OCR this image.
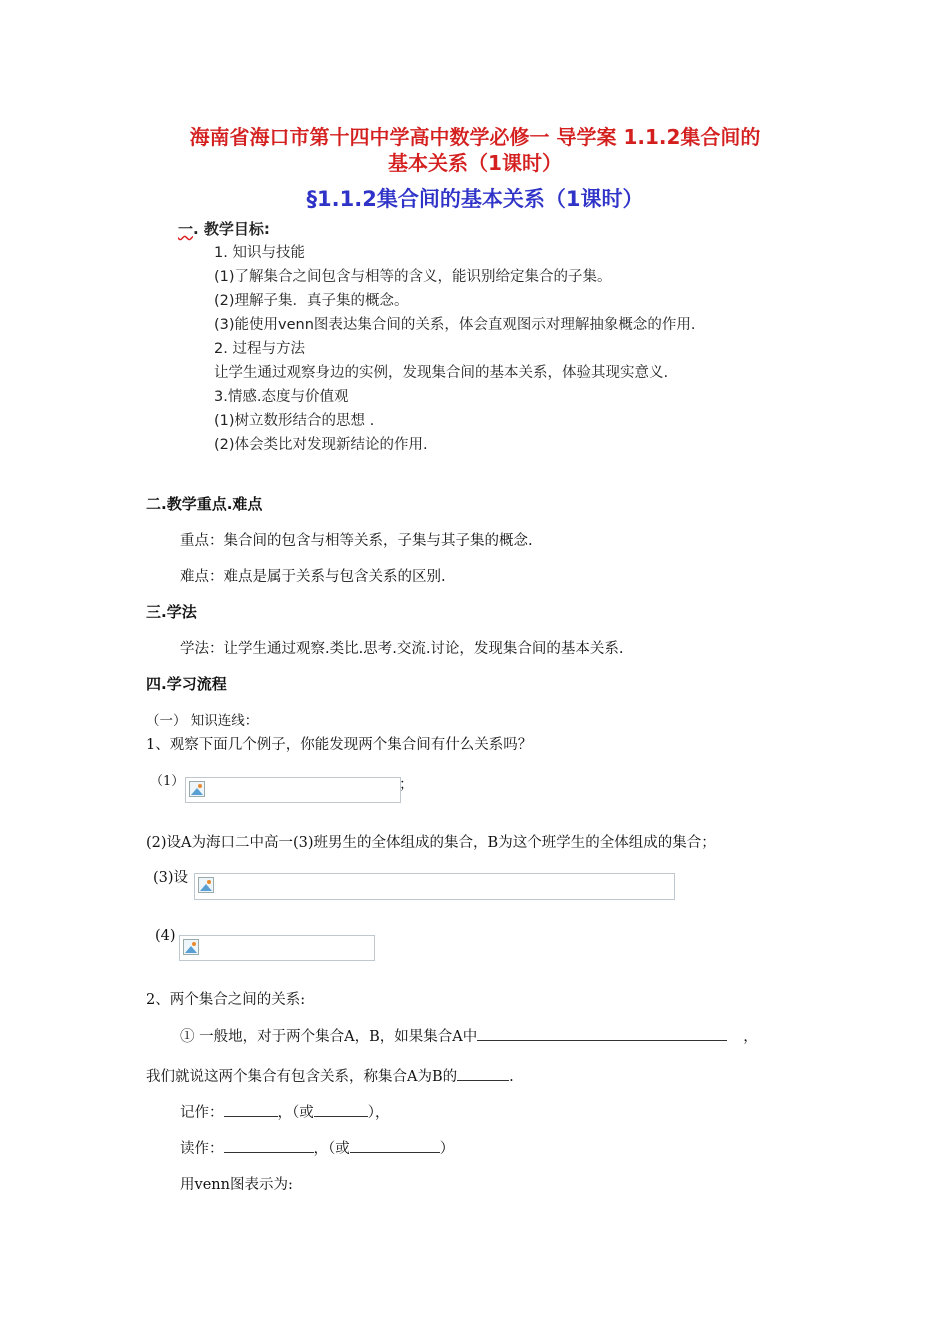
海南省海口市第十四中学高中数学必修一 导学案 1.1.2集合间的
基本关系（1课时）
§1.1.2集合间的基本关系（1课时）
一. 教学目标:
1. 知识与技能
(1)了解集合之间包含与相等的含义，能识别给定集合的子集。
(2)理解子集．真子集的概念。
(3)能使用venn图表达集合间的关系，体会直观图示对理解抽象概念的作用.
2. 过程与方法
让学生通过观察身边的实例，发现集合间的基本关系，体验其现实意义.
3.情感.态度与价值观
(1)树立数形结合的思想 .
(2)体会类比对发现新结论的作用.
二.教学重点.难点
重点：集合间的包含与相等关系，子集与其子集的概念.
难点：难点是属于关系与包含关系的区别.
三.学法
学法：让学生通过观察.类比.思考.交流.讨论，发现集合间的基本关系.
四.学习流程
（一） 知识连线：
1、观察下面几个例子，你能发现两个集合间有什么关系吗？
（1）	；
(2)设A为海口二中高一(3)班男生的全体组成的集合，B为这个班学生的全体组成的集合；
(3)设
(4)
2、两个集合之间的关系:
① 一般地，对于两个集合A，B，如果集合A中	，
我们就说这两个集合有包含关系，称集合A为B的	.
记作：	，（或	），
读作：	，（或	）
用venn图表示为:
